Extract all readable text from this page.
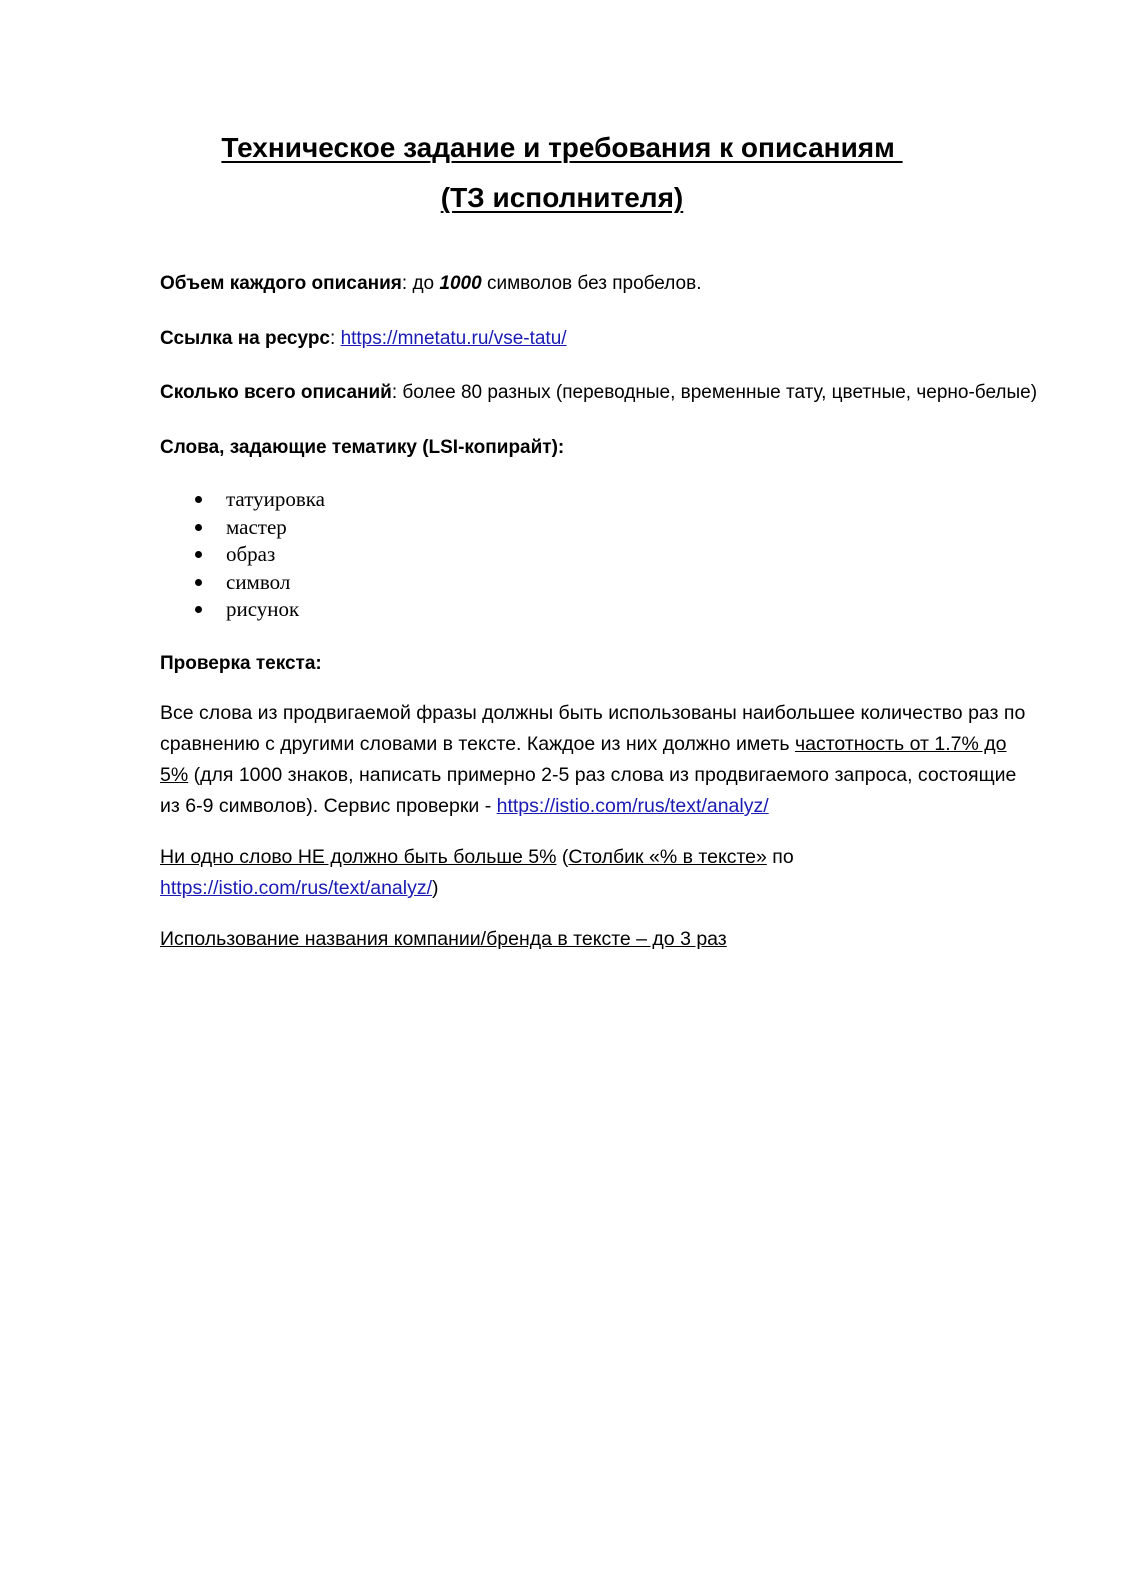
Техническое задание и требования к описаниям
(ТЗ исполнителя)
Объем каждого описания: до 1000 символов без пробелов.
Ссылка на ресурс: https://mnetatu.ru/vse-tatu/
Сколько всего описаний: более 80 разных (переводные, временные тату, цветные, черно-белые)
Слова, задающие тематику (LSI-копирайт):
татуировка
мастер
образ
символ
рисунок
Проверка текста:
Все слова из продвигаемой фразы должны быть использованы наибольшее количество раз по сравнению с другими словами в тексте. Каждое из них должно иметь частотность от 1.7% до 5% (для 1000 знаков, написать примерно 2-5 раз слова из продвигаемого запроса, состоящие из 6-9 символов). Сервис проверки - https://istio.com/rus/text/analyz/
Ни одно слово НЕ должно быть больше 5% (Столбик «% в тексте» по
https://istio.com/rus/text/analyz/)
Использование названия компании/бренда в тексте – до 3 раз
